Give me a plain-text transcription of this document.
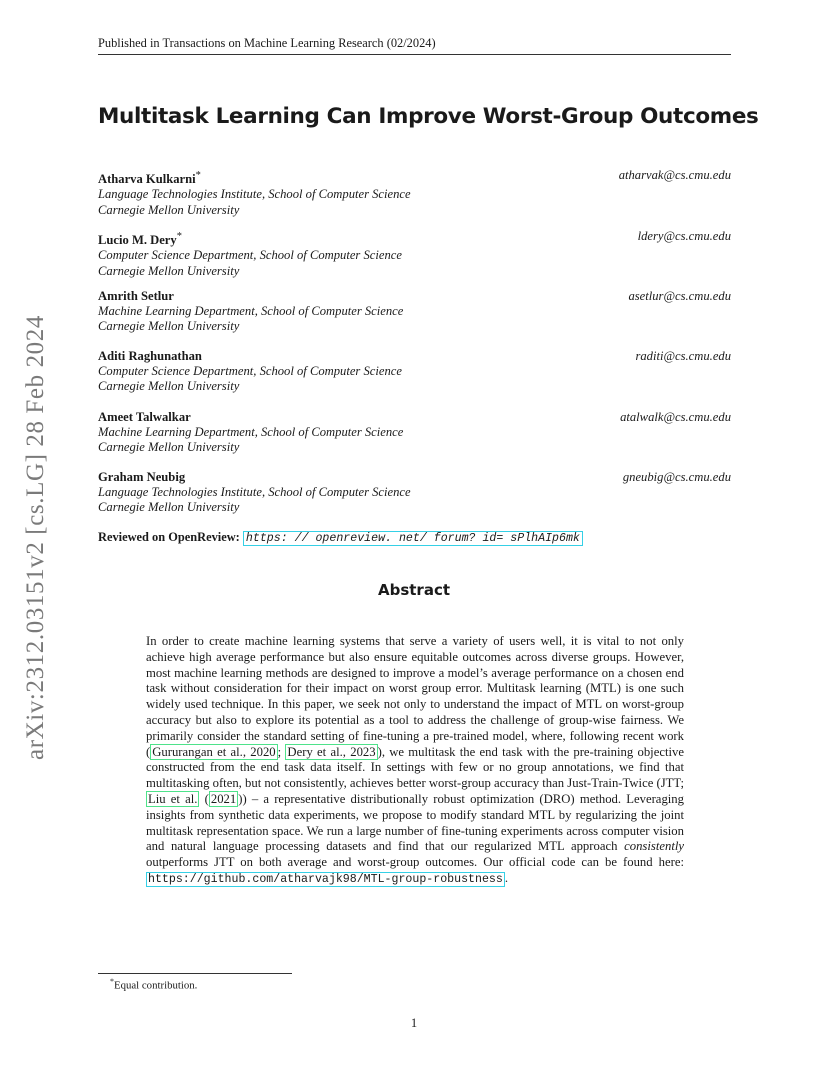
Published in Transactions on Machine Learning Research (02/2024)
arXiv:2312.03151v2 [cs.LG] 28 Feb 2024
Multitask Learning Can Improve Worst-Group Outcomes
Atharva Kulkarni*
Language Technologies Institute, School of Computer Science
Carnegie Mellon University
atharvak@cs.cmu.edu
Lucio M. Dery*
Computer Science Department, School of Computer Science
Carnegie Mellon University
ldery@cs.cmu.edu
Amrith Setlur
Machine Learning Department, School of Computer Science
Carnegie Mellon University
asetlur@cs.cmu.edu
Aditi Raghunathan
Computer Science Department, School of Computer Science
Carnegie Mellon University
raditi@cs.cmu.edu
Ameet Talwalkar
Machine Learning Department, School of Computer Science
Carnegie Mellon University
atalwalk@cs.cmu.edu
Graham Neubig
Language Technologies Institute, School of Computer Science
Carnegie Mellon University
gneubig@cs.cmu.edu
Reviewed on OpenReview: https: // openreview. net/ forum? id= sPlhAIp6mk
Abstract
In order to create machine learning systems that serve a variety of users well, it is vital to not only achieve high average performance but also ensure equitable outcomes across diverse groups. However, most machine learning methods are designed to improve a model’s average performance on a chosen end task without consideration for their impact on worst group error. Multitask learning (MTL) is one such widely used technique. In this paper, we seek not only to understand the impact of MTL on worst-group accuracy but also to explore its potential as a tool to address the challenge of group-wise fairness. We primarily consider the standard setting of fine-tuning a pre-trained model, where, following recent work ( Gururangan et al., 2020 ; Dery et al., 2023 ), we multitask the end task with the pre-training objective constructed from the end task data itself. In settings with few or no group annotations, we find that multitasking often, but not consistently, achieves better worst-group accuracy than Just-Train-Twice (JTT; Liu et al. ( 2021 )) – a representative distributionally robust optimization (DRO) method. Leveraging insights from synthetic data experiments, we propose to modify standard MTL by regularizing the joint multitask representation space. We run a large number of fine-tuning experiments across computer vision and natural language processing datasets and find that our regularized MTL approach consistently outperforms JTT on both average and worst-group outcomes. Our official code can be found here: https://github.com/atharvajk98/MTL-group-robustness .
*Equal contribution.
1
